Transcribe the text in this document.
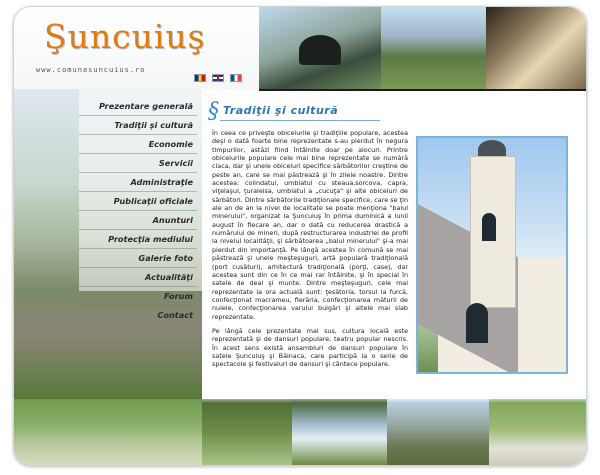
Şuncuiuş
www.comunasuncuius.ro
Prezentare generală
Tradiţii şi cultură
Economie
Servicii
Administraţie
Publicaţii oficiale
Anunturi
Protecţia mediului
Galerie foto
Actualităţi
Forum
Contact
§ Tradiţii şi cultură

În ceea ce priveşte obiceiurile şi tradiţiile populare, acestea deşi o dată foarte bine reprezentate s-au pierdut în negura timpurilor, astăzi fiind întâlnite doar pe alocuri. Printre obiceiurile populare cele mai bine reprezentate se numără claca, dar şi unele obiceiuri specifice sărbătorilor creştine de peste an, care se mai păstrează şi în zilele noastre. Dintre acestea: colindatul, umblatul cu steaua,sorcova, capra, viţelaşul, ţuraleisa, umblatul a „cucuţa" şi alte obiceiuri de sărbători. Dintre sărbătorile tradiţionale specifice, care se ţin ale an de an la nivel de localitate se poate menţiona "balul minerului", organizat la Şuncuiuş în prima duminică a lunii august în fiecare an, dar o dată cu reducerea drastică a numărului de mineri, după restructurarea industriei de profil la nivelul localităţii, şi sărbătoarea „balul minerului" şi-a mai pierdut din importanţă. Pe lângă acestea în comună se mai păstrează şi unele meşteşuguri, artă populară tradiţională (port cusături), arhitectură tradiţională (porţi, case), dar acestea sunt din ce în ce mai rar întâlnite, şi în special în satele de deal şi munte. Dintre meşteşuguri, cele mai reprezentate la ora actuală sunt: ţesătoria, torsul la furcă, confecţionat macrameu, fierăria, confecţionarea măturii de nuiele, confecţionarea varului bulgări şi altele mai slab reprezentate.

Pe lângă cele prezentate mai sus, cultura locală este reprezentată şi de dansuri populare, teatru popular nescris. În acest sens există ansambluri de dansuri populare în satele Şuncuiuş şi Bălnaca, care participă la o serie de spectacole şi festivaluri de dansuri şi cântece populare.
